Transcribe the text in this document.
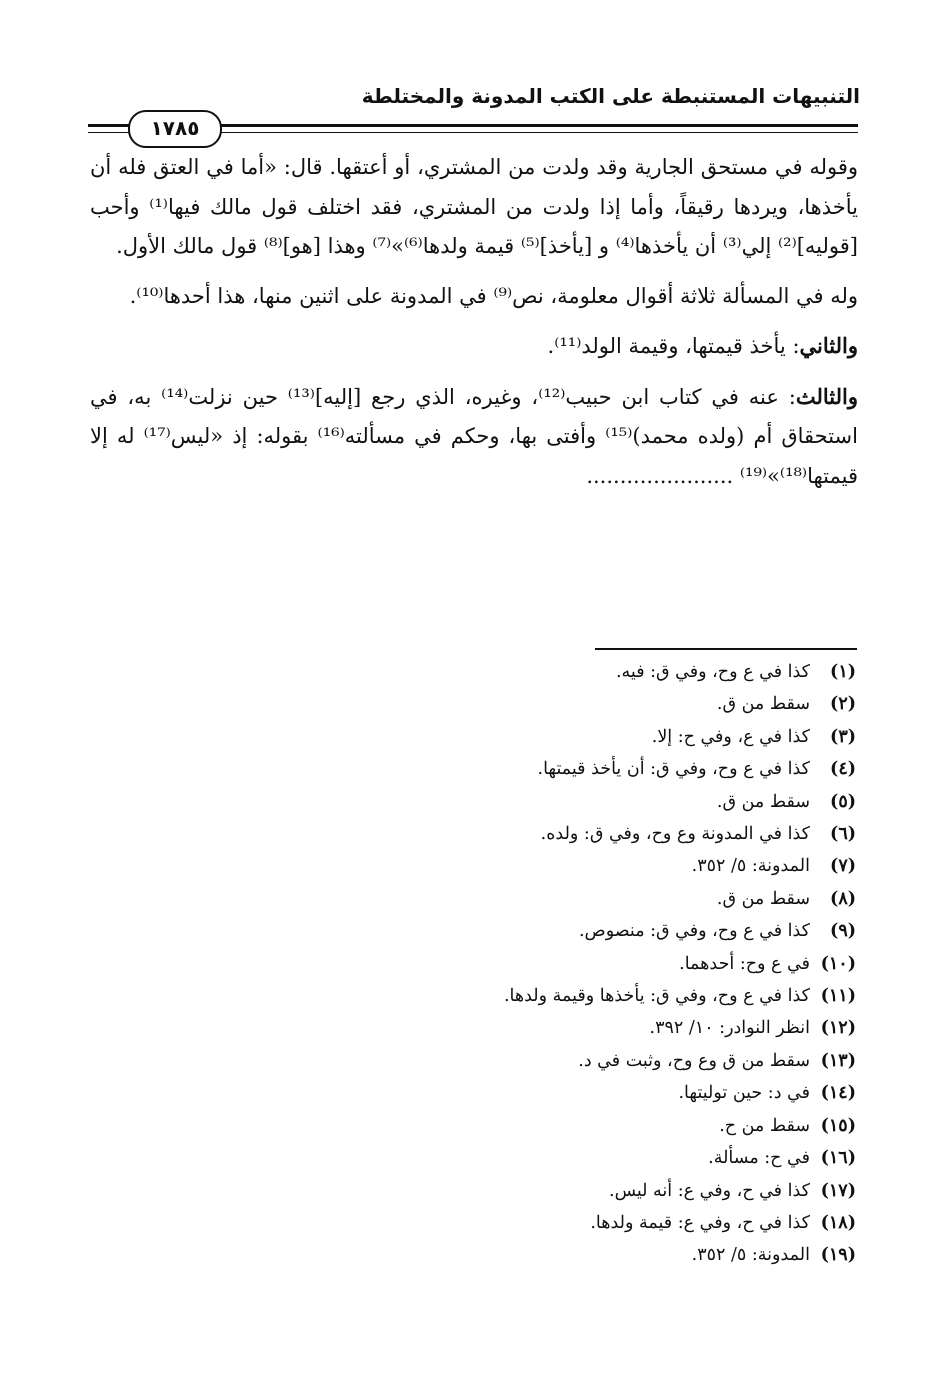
التنبيهات المستنبطة على الكتب المدونة والمختلطة
١٧٨٥

وقوله في مستحق الجارية وقد ولدت من المشتري، أو أعتقها. قال: «أما في العتق فله أن يأخذها، ويردها رقيقاً، وأما إذا ولدت من المشتري، فقد اختلف قول مالك فيها⁽¹⁾ وأحب [قوليه]⁽²⁾ إلي⁽³⁾ أن يأخذها⁽⁴⁾ و [يأخذ]⁽⁵⁾ قيمة ولدها⁽⁶⁾»⁽⁷⁾ وهذا [هو]⁽⁸⁾ قول مالك الأول.

وله في المسألة ثلاثة أقوال معلومة، نص⁽⁹⁾ في المدونة على اثنين منها، هذا أحدها⁽¹⁰⁾.

والثاني: يأخذ قيمتها، وقيمة الولد⁽¹¹⁾.

والثالث: عنه في كتاب ابن حبيب⁽¹²⁾، وغيره، الذي رجع [إليه]⁽¹³⁾ حين نزلت⁽¹⁴⁾ به، في استحقاق أم (ولده محمد)⁽¹⁵⁾ وأفتى بها، وحكم في مسألته⁽¹⁶⁾ بقوله: إذ «ليس⁽¹⁷⁾ له إلا قيمتها⁽¹⁸⁾»⁽¹⁹⁾ ......................

(١)كذا في ع وح، وفي ق: فيه.
(٢)سقط من ق.
(٣)كذا في ع، وفي ح: إلا.
(٤)كذا في ع وح، وفي ق: أن يأخذ قيمتها.
(٥)سقط من ق.
(٦)كذا في المدونة وع وح، وفي ق: ولده.
(٧)المدونة: ٥/ ٣٥٢.
(٨)سقط من ق.
(٩)كذا في ع وح، وفي ق: منصوص.
(١٠)في ع وح: أحدهما.
(١١)كذا في ع وح، وفي ق: يأخذها وقيمة ولدها.
(١٢)انظر النوادر: ١٠/ ٣٩٢.
(١٣)سقط من ق وع وح، وثبت في د.
(١٤)في د: حين توليتها.
(١٥)سقط من ح.
(١٦)في ح: مسألة.
(١٧)كذا في ح، وفي ع: أنه ليس.
(١٨)كذا في ح، وفي ع: قيمة ولدها.
(١٩)المدونة: ٥/ ٣٥٢.
